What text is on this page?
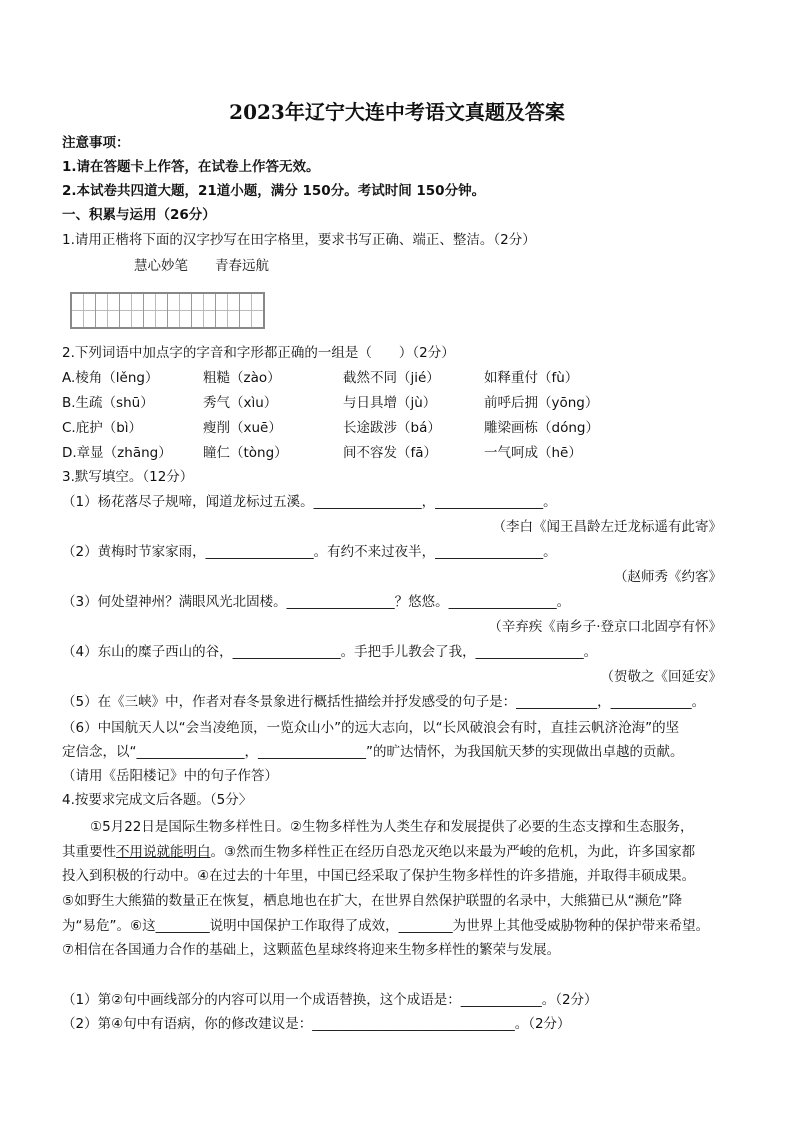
2023年辽宁大连中考语文真题及答案
注意事项：
1.请在答题卡上作答，在试卷上作答无效。
2.本试卷共四道大题，21道小题，满分 150分。考试时间 150分钟。
一、积累与运用（26分）
1.请用正楷将下面的汉字抄写在田字格里，要求书写正确、端正、整洁。（2分）
慧心妙笔　　青春远航
2.下列词语中加点字的字音和字形都正确的一组是（　　）（2分）
A.棱角（lěng）	粗糙（zào）	截然不同（jié）	如释重付（fù）
B.生疏（shū）	秀气（xìu）	与日具增（jù）	前呼后拥（yōng）
C.庇护（bì）	瘦削（xuē）	长途跋涉（bá）	雕梁画栋（dóng）
D.章显（zhāng） 瞳仁（tòng）	间不容发（fā）	一气呵成（hē）
3.默写填空。（12分）
（1）杨花落尽子规啼，闻道龙标过五溪。________________，________________。
（李白《闻王昌龄左迁龙标遥有此寄》
（2）黄梅时节家家雨，________________。有约不来过夜半，________________。
（赵师秀《约客》
（3）何处望神州？满眼风光北固楼。________________？悠悠。________________。
（辛弃疾《南乡子·登京口北固亭有怀》
（4）东山的糜子西山的谷，________________。手把手儿教会了我，________________。
（贺敬之《回延安》
（5）在《三峡》中，作者对春冬景象进行概括性描绘并抒发感受的句子是：____________，____________。
（6）中国航天人以“会当凌绝顶，一览众山小”的远大志向，以“长风破浪会有时，直挂云帆济沧海”的坚
定信念，以“________________，________________”的旷达情怀，为我国航天梦的实现做出卓越的贡献。
（请用《岳阳楼记》中的句子作答）
4.按要求完成文后各题。（5分〉
①5月22日是国际生物多样性日。②生物多样性为人类生存和发展提供了必要的生态支撑和生态服务，
其重要性不用说就能明白。③然而生物多样性正在经历自恐龙灭绝以来最为严峻的危机，为此，许多国家都
投入到积极的行动中。④在过去的十年里，中国已经采取了保护生物多样性的许多措施，并取得丰硕成果。
⑤如野生大熊猫的数量正在恢复，栖息地也在扩大，在世界自然保护联盟的名录中，大熊猫已从“濒危”降
为“易危”。⑥这________说明中国保护工作取得了成效，________为世界上其他受威胁物种的保护带来希望。
⑦相信在各国通力合作的基础上，这颗蓝色星球终将迎来生物多样性的繁荣与发展。
（1）第②句中画线部分的内容可以用一个成语替换，这个成语是：____________。（2分）
（2）第④句中有语病，你的修改建议是：______________________________。（2分）
